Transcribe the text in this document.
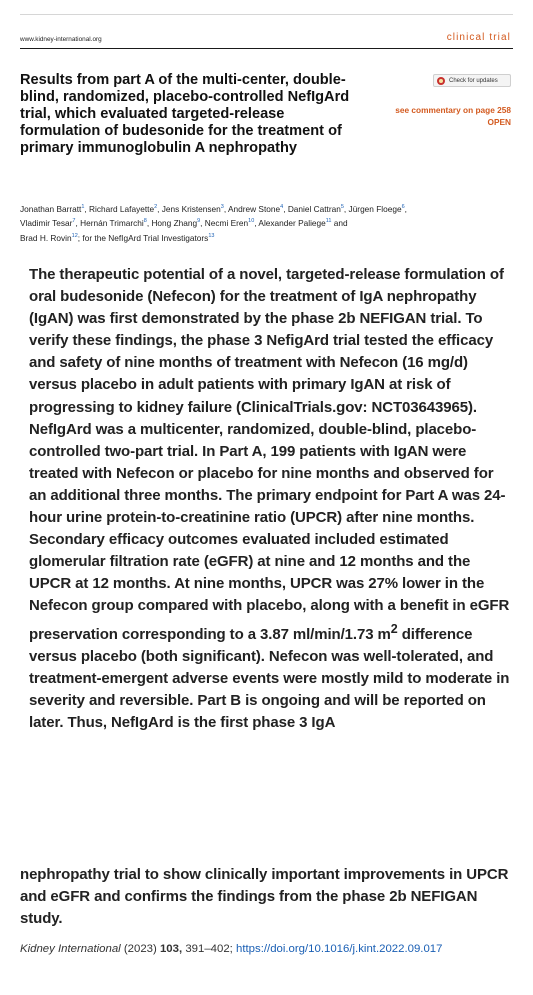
www.kidney-international.org	clinical trial
Results from part A of the multi-center, double-blind, randomized, placebo-controlled NefIgArd trial, which evaluated targeted-release formulation of budesonide for the treatment of primary immunoglobulin A nephropathy
Check for updates
see commentary on page 258
OPEN
Jonathan Barratt$^1$, Richard Lafayette$^2$, Jens Kristensen$^3$, Andrew Stone$^4$, Daniel Cattran$^5$, Jürgen Floege$^6$,
Vladimir Tesar$^7$, Hernán Trimarchi$^8$, Hong Zhang$^9$, Necmi Eren$^{10}$, Alexander Paliege$^{11}$ and
Brad H. Rovin$^{12}$; for the NefIgArd Trial Investigators$^{13}$

The therapeutic potential of a novel, targeted-release formulation of oral budesonide (Nefecon) for the treatment of IgA nephropathy (IgAN) was first demonstrated by the phase 2b NEFIGAN trial. To verify these findings, the phase 3 NefigArd trial tested the efficacy and safety of nine months of treatment with Nefecon (16 mg/d) versus placebo in adult patients with primary IgAN at risk of progressing to kidney failure (ClinicalTrials.gov: NCT03643965). NefIgArd was a multicenter, randomized, double-blind, placebo-controlled two-part trial. In Part A, 199 patients with IgAN were treated with Nefecon or placebo for nine months and observed for an additional three months. The primary endpoint for Part A was 24-hour urine protein-to-creatinine ratio (UPCR) after nine months. Secondary efficacy outcomes evaluated included estimated glomerular filtration rate (eGFR) at nine and 12 months and the UPCR at 12 months. At nine months, UPCR was 27% lower in the Nefecon group compared with placebo, along with a benefit in eGFR preservation corresponding to a 3.87 ml/min/1.73 $m^2$ difference versus placebo (both significant). Nefecon was well-tolerated, and treatment-emergent adverse events were mostly mild to moderate in severity and reversible. Part B is ongoing and will be reported on later. Thus, NefIgArd is the first phase 3 IgA

nephropathy trial to show clinically important improvements in UPCR and eGFR and confirms the findings from the phase 2b NEFIGAN study.

Kidney International (2023) 103, 391–402; https://doi.org/10.1016/j.kint.2022.09.017
